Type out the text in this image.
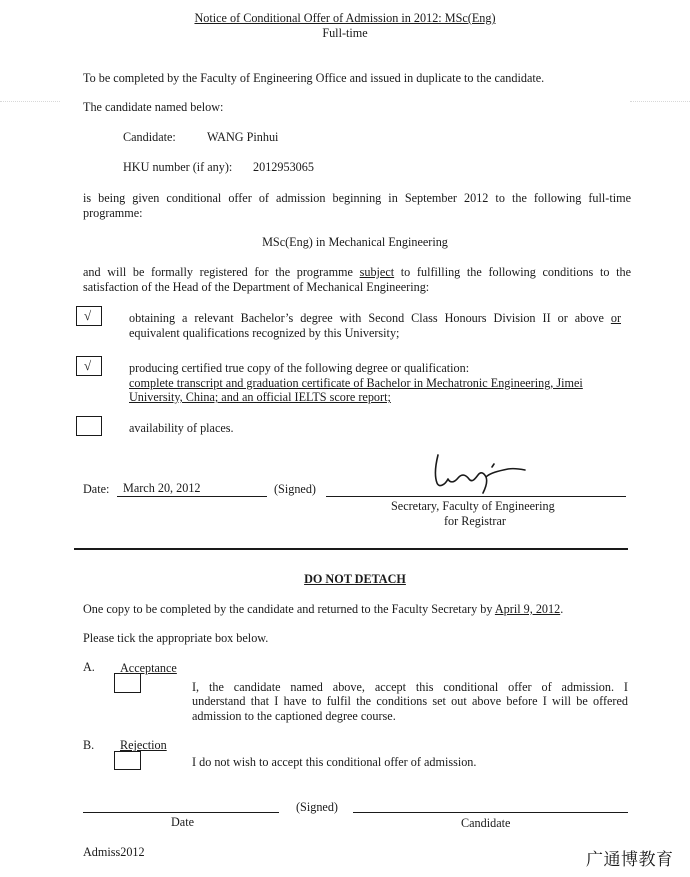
Notice of Conditional Offer of Admission in 2012: MSc(Eng)
Full-time
To be completed by the Faculty of Engineering Office and issued in duplicate to the candidate.
The candidate named below:
Candidate:	WANG Pinhui
HKU number (if any): 2012953065
is being given conditional offer of admission beginning in September 2012 to the following full-time
programme:
MSc(Eng) in Mechanical Engineering
and will be formally registered for the programme subject to fulfilling the following conditions to the
satisfaction of the Head of the Department of Mechanical Engineering:
√	obtaining a relevant Bachelor’s degree with Second Class Honours Division II or above or
equivalent qualifications recognized by this University;
√	producing certified true copy of the following degree or qualification:
complete transcript and graduation certificate of Bachelor in Mechatronic Engineering, Jimei
University, China; and an official IELTS score report;
availability of places.
Date: March 20, 2012	(Signed)
Secretary, Faculty of Engineering
for Registrar
DO NOT DETACH
One copy to be completed by the candidate and returned to the Faculty Secretary by April 9, 2012.
Please tick the appropriate box below.
A. Acceptance
I, the candidate named above, accept this conditional offer of admission. I
understand that I have to fulfil the conditions set out above before I will be offered
admission to the captioned degree course.
B. Rejection
I do not wish to accept this conditional offer of admission.
(Signed)
Date	Candidate
Admiss2012	广通博教育
